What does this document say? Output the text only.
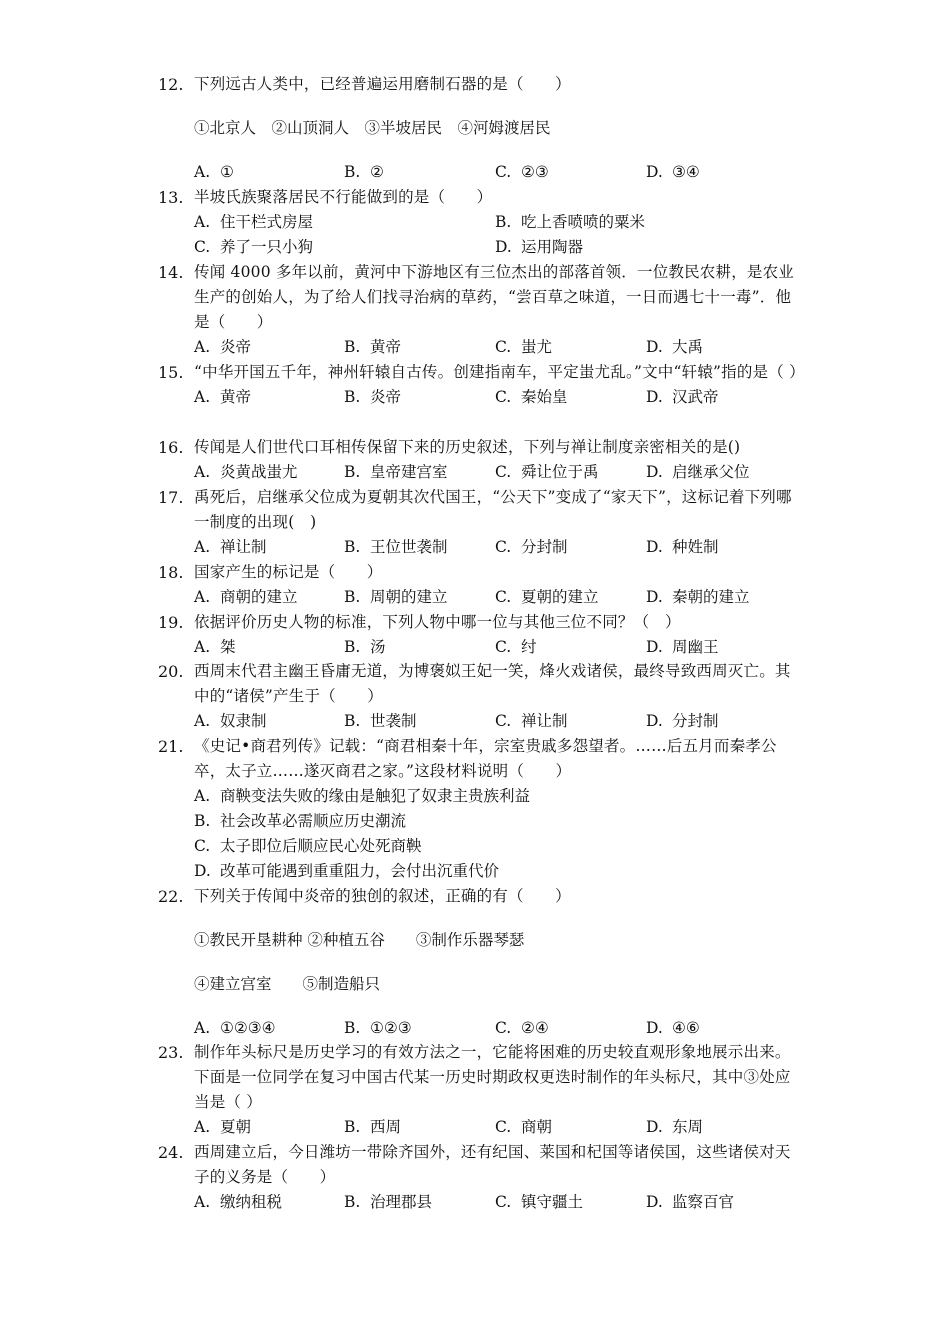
12. 下列远古人类中，已经普遍运用磨制石器的是（　　）
①北京人　②山顶洞人　③半坡居民　④河姆渡居民
A. ①	B. ②	C. ②③	D. ③④
13. 半坡氏族聚落居民不行能做到的是（　　）
A. 住干栏式房屋	B. 吃上香喷喷的粟米
C. 养了一只小狗	D. 运用陶器
14. 传闻 4000 多年以前，黄河中下游地区有三位杰出的部落首领．一位教民农耕，是农业生产的创始人，为了给人们找寻治病的草药，“尝百草之味道，一日而遇七十一毒”．他是（　　）
A. 炎帝	B. 黄帝	C. 蚩尤	D. 大禹
15. “中华开国五千年，神州轩辕自古传。创建指南车，平定蚩尤乱。”文中“轩辕”指的是（ ）
A. 黄帝	B. 炎帝	C. 秦始皇	D. 汉武帝
16. 传闻是人们世代口耳相传保留下来的历史叙述，下列与禅让制度亲密相关的是()
A. 炎黄战蚩尤	B. 皇帝建宫室	C. 舜让位于禹	D. 启继承父位
17. 禹死后，启继承父位成为夏朝其次代国王，“公天下”变成了“家天下”，这标记着下列哪一制度的出现(　)
A. 禅让制	B. 王位世袭制	C. 分封制	D. 种姓制
18. 国家产生的标记是（　　）
A. 商朝的建立	B. 周朝的建立	C. 夏朝的建立	D. 秦朝的建立
19. 依据评价历史人物的标准，下列人物中哪一位与其他三位不同？（　）
A. 桀	B. 汤	C. 纣	D. 周幽王
20. 西周末代君主幽王昏庸无道，为博褒姒王妃一笑，烽火戏诸侯，最终导致西周灭亡。其中的“诸侯”产生于（　　）
A. 奴隶制	B. 世袭制	C. 禅让制	D. 分封制
21. 《史记•商君列传》记载：“商君相秦十年，宗室贵戚多怨望者。……后五月而秦孝公卒，太子立……遂灭商君之家。”这段材料说明（　　）
A. 商鞅变法失败的缘由是触犯了奴隶主贵族利益
B. 社会改革必需顺应历史潮流
C. 太子即位后顺应民心处死商鞅
D. 改革可能遇到重重阻力，会付出沉重代价
22. 下列关于传闻中炎帝的独创的叙述，正确的有（　　）
①教民开垦耕种 ②种植五谷　　③制作乐器琴瑟
④建立宫室　　⑤制造船只
A. ①②③④	B. ①②③	C. ②④	D. ④⑥
23. 制作年头标尺是历史学习的有效方法之一，它能将困难的历史较直观形象地展示出来。下面是一位同学在复习中国古代某一历史时期政权更迭时制作的年头标尺，其中③处应当是（ ）
A. 夏朝	B. 西周	C. 商朝	D. 东周
24. 西周建立后，今日潍坊一带除齐国外，还有纪国、莱国和杞国等诸侯国，这些诸侯对天子的义务是（　　）
A. 缴纳租税	B. 治理郡县	C. 镇守疆土	D. 监察百官
